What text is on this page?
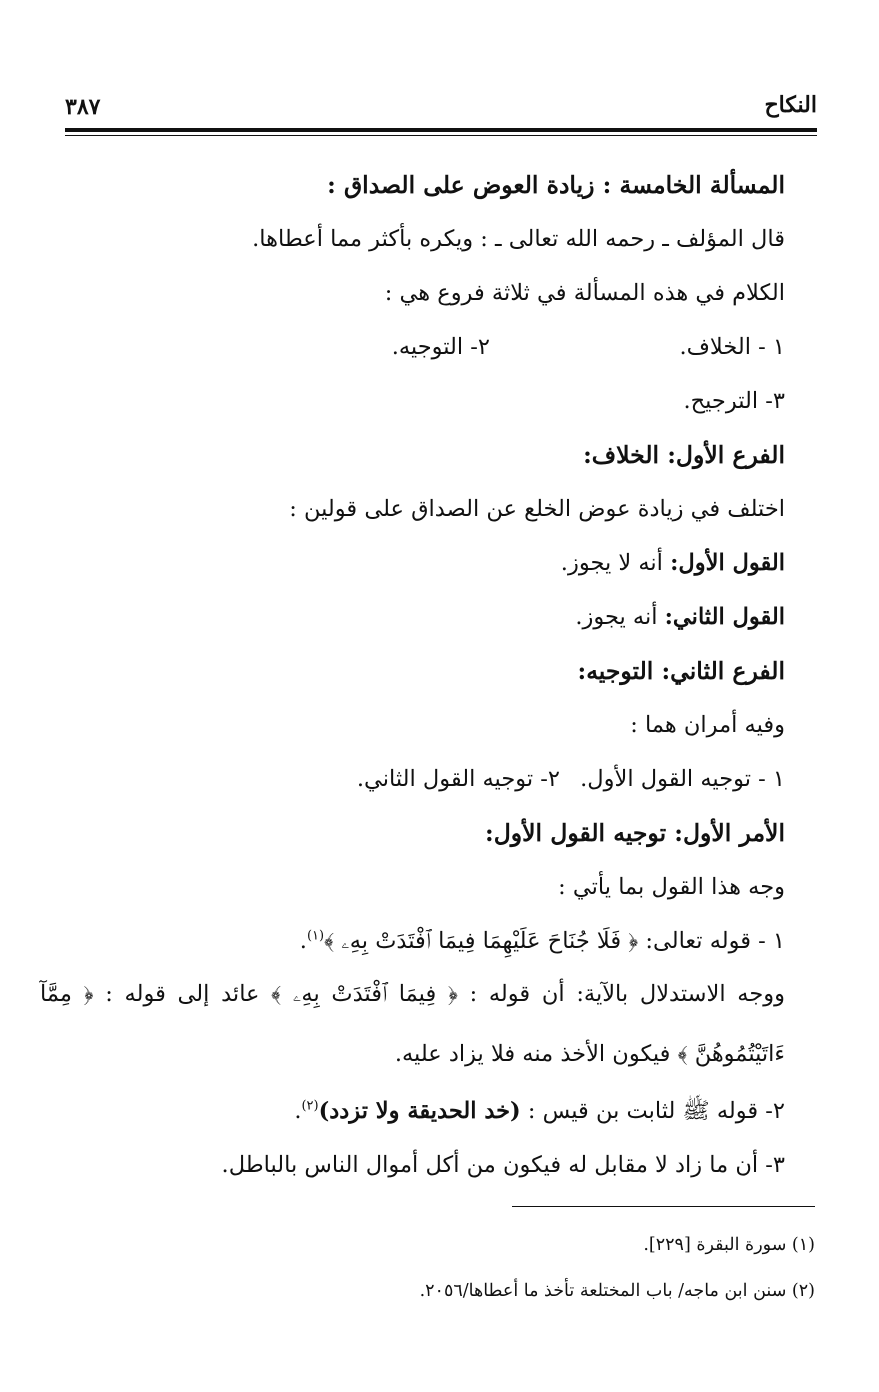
النكاح
٣٨٧
المسألة الخامسة : زيادة العوض على الصداق :
قال المؤلف ـ رحمه الله تعالى ـ : ويكره بأكثر مما أعطاها.
الكلام في هذه المسألة في ثلاثة فروع هي :
١ - الخلاف.
٢- التوجيه.
٣- الترجيح.
الفرع الأول: الخلاف:
اختلف في زيادة عوض الخلع عن الصداق على قولين :
القول الأول: أنه لا يجوز.
القول الثاني: أنه يجوز.
الفرع الثاني: التوجيه:
وفيه أمران هما :
١ - توجيه القول الأول.
٢- توجيه القول الثاني.
الأمر الأول: توجيه القول الأول:
وجه هذا القول بما يأتي :
١ - قوله تعالى: ﴿ فَلَا جُنَاحَ عَلَيْهِمَا فِيمَا ٱفْتَدَتْ بِهِۦ ﴾$^{(١)}$.
ووجه الاستدلال بالآية: أن قوله : ﴿ فِيمَا ٱفْتَدَتْ بِهِۦ ﴾ عائد إلى قوله : ﴿ مِمَّآ ءَاتَيْتُمُوهُنَّ ﴾ فيكون الأخذ منه فلا يزاد عليه.
٢- قوله ﷺ لثابت بن قيس : (خد الحديقة ولا تزدد)$^{(٢)}$.
٣- أن ما زاد لا مقابل له فيكون من أكل أموال الناس بالباطل.
(١) سورة البقرة [٢٢٩].
(٢) سنن ابن ماجه/ باب المختلعة تأخذ ما أعطاها/٢٠٥٦.
